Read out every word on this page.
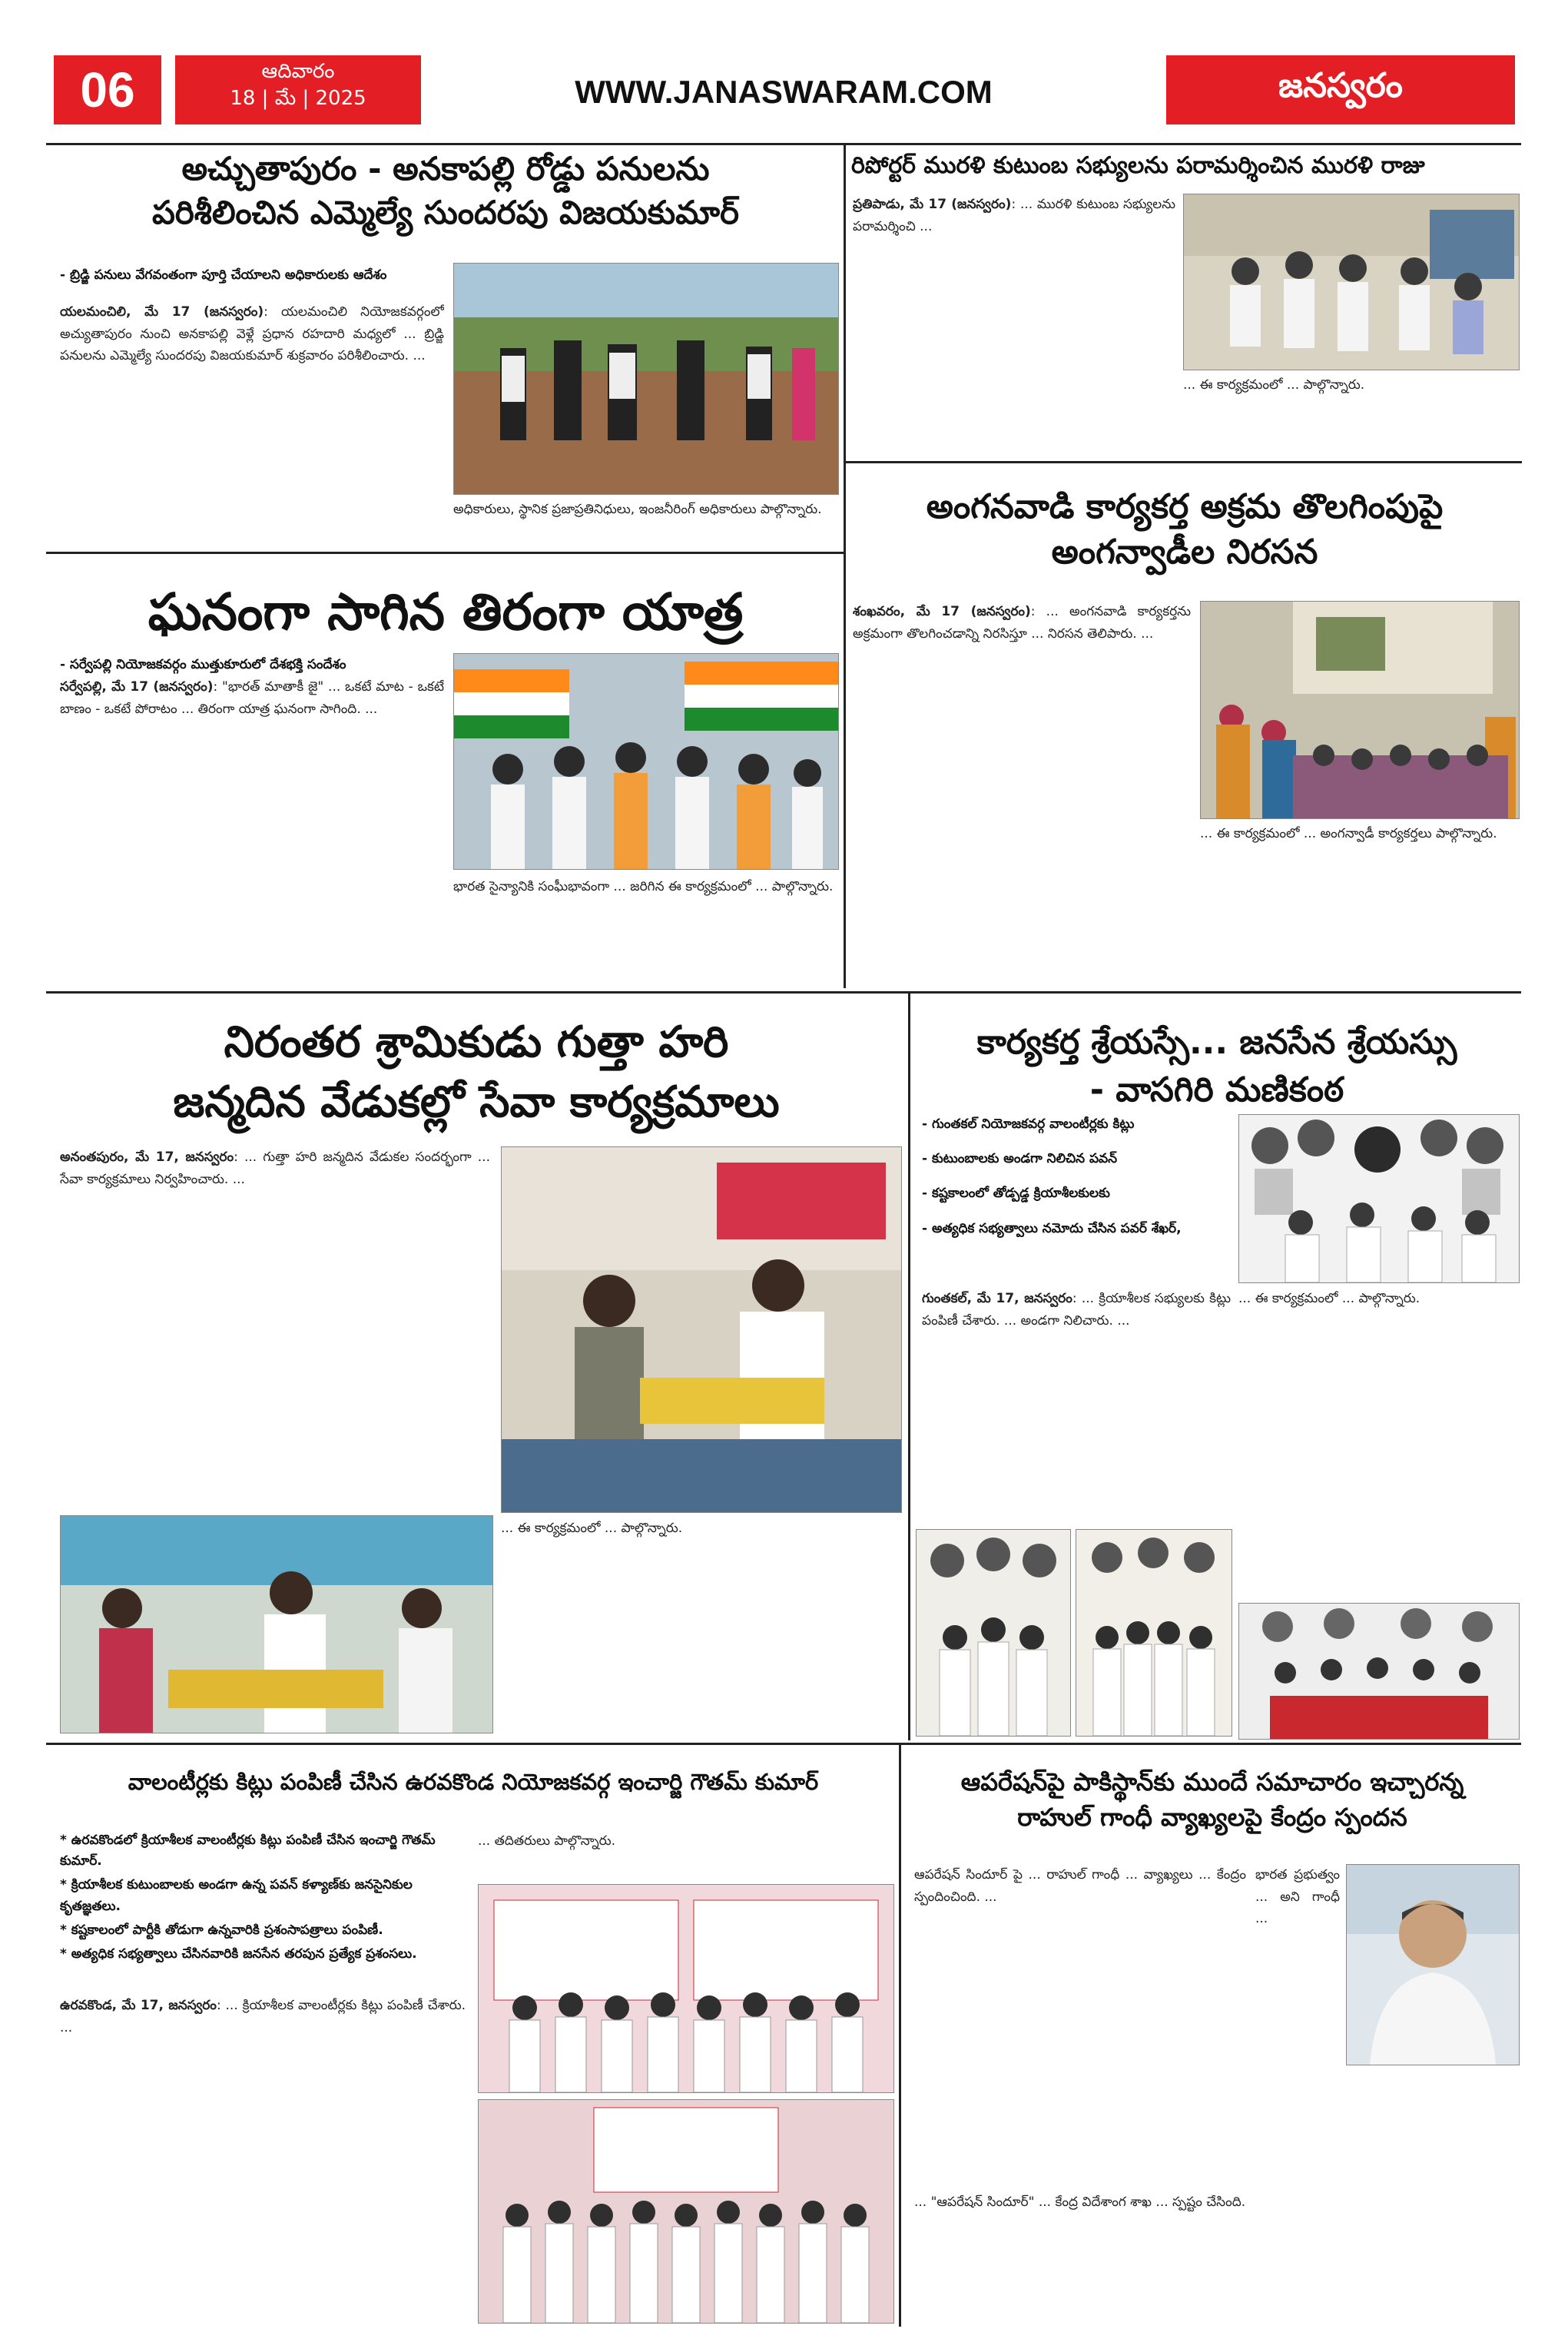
06	ఆదివారం
18 | మే | 2025	WWW.JANASWARAM.COM	జనస్వరం
అచ్చుతాపురం - అనకాపల్లి రోడ్డు పనులను
పరిశీలించిన ఎమ్మెల్యే సుందరపు విజయకుమార్
- బ్రిడ్జి పనులు వేగవంతంగా పూర్తి చేయాలని అధికారులకు ఆదేశం
యలమంచిలి, మే 17 (జనస్వరం): యలమంచిలి నియోజకవర్గంలో అచ్యుతాపురం నుంచి అనకాపల్లి వెళ్లే ప్రధాన రహదారి మధ్యలో ... బ్రిడ్జి పనులను ఎమ్మెల్యే సుందరపు విజయకుమార్ శుక్రవారం పరిశీలించారు. ...
అధికారులు, స్థానిక ప్రజాప్రతినిధులు, ఇంజనీరింగ్ అధికారులు పాల్గొన్నారు.
రిపోర్టర్ మురళి కుటుంబ సభ్యులను పరామర్శించిన మురళి రాజు
ప్రతిపాడు, మే 17 (జనస్వరం): ... మురళి కుటుంబ సభ్యులను పరామర్శించి ...
... ఈ కార్యక్రమంలో ... పాల్గొన్నారు.
ఘనంగా సాగిన తిరంగా యాత్ర
- సర్వేపల్లి నియోజకవర్గం ముత్తుకూరులో దేశభక్తి సందేశం
సర్వేపల్లి, మే 17 (జనస్వరం): "భారత్ మాతాకీ జై" ... ఒకటే మాట - ఒకటే బాణం - ఒకటే పోరాటం ... తిరంగా యాత్ర ఘనంగా సాగింది. ...
భారత సైన్యానికి సంఘీభావంగా ... జరిగిన ఈ కార్యక్రమంలో ... పాల్గొన్నారు.
అంగనవాడి కార్యకర్త అక్రమ తొలగింపుపై
అంగన్వాడీల నిరసన
శంఖవరం, మే 17 (జనస్వరం): ... అంగనవాడి కార్యకర్తను అక్రమంగా తొలగించడాన్ని నిరసిస్తూ ... నిరసన తెలిపారు. ...
... ఈ కార్యక్రమంలో ... అంగన్వాడీ కార్యకర్తలు పాల్గొన్నారు.
నిరంతర శ్రామికుడు గుత్తా హరి
జన్మదిన వేడుకల్లో సేవా కార్యక్రమాలు
అనంతపురం, మే 17, జనస్వరం: ... గుత్తా హరి జన్మదిన వేడుకల సందర్భంగా ... సేవా కార్యక్రమాలు నిర్వహించారు. ...
... ఈ కార్యక్రమంలో ... పాల్గొన్నారు.
కార్యకర్త శ్రేయస్సే... జనసేన శ్రేయస్సు
- వాసగిరి మణికంఠ
- గుంతకల్ నియోజకవర్గ వాలంటీర్లకు కిట్లు
- కుటుంబాలకు అండగా నిలిచిన పవన్
- కష్టకాలంలో తోడ్పడ్డ క్రియాశీలకులకు
- అత్యధిక సభ్యత్వాలు నమోదు చేసిన పవర్ శేఖర్,
గుంతకల్, మే 17, జనస్వరం: ... క్రియాశీలక సభ్యులకు కిట్లు పంపిణీ చేశారు. ... అండగా నిలిచారు. ...
... ఈ కార్యక్రమంలో ... పాల్గొన్నారు.
వాలంటీర్లకు కిట్లు పంపిణీ చేసిన ఉరవకొండ నియోజకవర్గ ఇంచార్జి గౌతమ్ కుమార్
* ఉరవకొండలో క్రియాశీలక వాలంటీర్లకు కిట్లు పంపిణీ చేసిన ఇంచార్జి గౌతమ్ కుమార్.
* క్రియాశీలక కుటుంబాలకు అండగా ఉన్న పవన్ కళ్యాణ్‌కు జనసైనికుల కృతజ్ఞతలు.
* కష్టకాలంలో పార్టీకి తోడుగా ఉన్నవారికి ప్రశంసాపత్రాలు పంపిణీ.
* అత్యధిక సభ్యత్వాలు చేసినవారికి జనసేన తరపున ప్రత్యేక ప్రశంసలు.
ఉరవకొండ, మే 17, జనస్వరం: ... క్రియాశీలక వాలంటీర్లకు కిట్లు పంపిణీ చేశారు. ...
... తదితరులు పాల్గొన్నారు.
ఆపరేషన్‌పై పాకిస్థాన్‌కు ముందే సమాచారం ఇచ్చారన్న
రాహుల్ గాంధీ వ్యాఖ్యలపై కేంద్రం స్పందన
ఆపరేషన్ సిందూర్ పై ... రాహుల్ గాంధీ ... వ్యాఖ్యలు ... కేంద్రం స్పందించింది. ...
భారత ప్రభుత్వం ... అని గాంధీ ...
... "ఆపరేషన్ సిందూర్" ... కేంద్ర విదేశాంగ శాఖ ... స్పష్టం చేసింది.
